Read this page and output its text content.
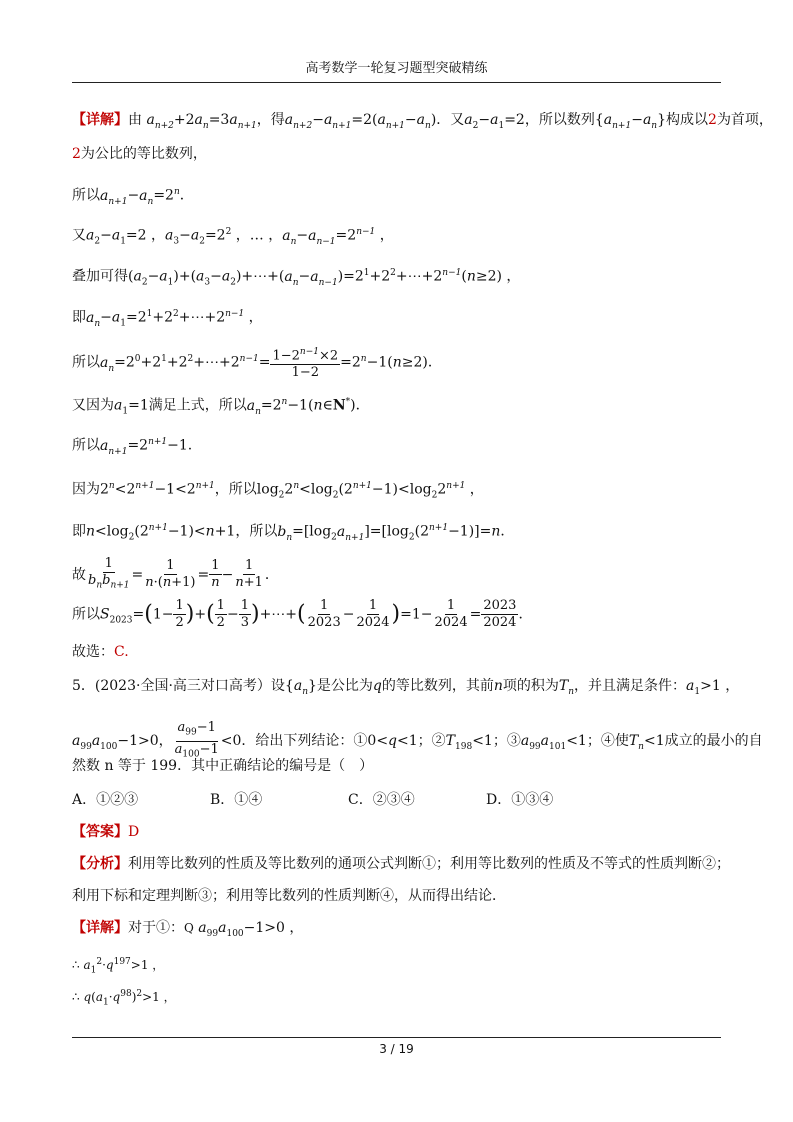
高考数学一轮复习题型突破精练
【详解】由 $a_{n+2}+2a_n=3a_{n+1}$，得$a_{n+2}-a_{n+1}=2(a_{n+1}-a_n)$．又$a_2-a_1=2$，所以数列$\{a_{n+1}-a_n\}$构成以2为首项，
2为公比的等比数列，
所以$a_{n+1}-a_n=2^n$．
又$a_2-a_1=2$ ，$a_3-a_2=2^2$ ，… ，$a_n-a_{n-1}=2^{n-1}$ ，
叠加可得$(a_2-a_1)+(a_3-a_2)+\cdots+(a_n-a_{n-1})=2^1+2^2+\cdots+2^{n-1}(n\ge 2)$ ，
即$a_n-a_1=2^1+2^2+\cdots+2^{n-1}$ ，
所以$a_n=2^0+2^1+2^2+\cdots+2^{n-1}= \frac{1-2^{n-1}\times 2}{1-2} =2^n-1(n\ge 2)$．
又因为$a_1=1$满足上式，所以$a_n=2^n-1(n\in N^*)$．
所以$a_{n+1}=2^{n+1}-1$.
因为$2^n<2^{n+1}-1<2^{n+1}$，所以$\log_22^n<\log_2(2^{n+1}-1)<\log_22^{n+1}$ ，
即$n<\log_2(2^{n+1}-1)<n+1$，所以$b_n=[\log_2a_{n+1}]=[\log_2(2^{n+1}-1)]=n$．
故 $\frac{1}{b_nb_{n+1}} = \frac{1}{n\cdot(n+1)} = \frac{1}{n} - \frac{1}{n+1}$ ．
所以$S_{2023}=(1- \frac{1}{2}$ )+( $\frac{1}{2} - \frac{1}{3}$ )+⋯+( $\frac{1}{2023} - \frac{1}{2024} )=1- \frac{1}{2024} = \frac{2023}{2024}$ ．
故选：C.
5．(2023·全国·高三对口高考）设$\{a_n\}$是公比为q的等比数列，其前n项的积为$T_n$，并且满足条件：$a_1>1$ ，
$a_{99}a_{100}-1>0$， $\frac{a_{99}-1}{a_{100}-1} <0$．给出下列结论：①0<q<1；$②T_{198}<1$；$③a_{99}a_{101}<1$；④使$T_n<1$成立的最小的自
然数 n 等于 199．其中正确结论的编号是（　）
A．①②③	B．①④	C．②③④	D．①③④
【答案】D
【分析】利用等比数列的性质及等比数列的通项公式判断①；利用等比数列的性质及不等式的性质判断②；
利用下标和定理判断③；利用等比数列的性质判断④，从而得出结论．
【详解】对于①：Q $a_{99}a_{100}-1>0$ ，
∴ $a_1^2\cdot q^{197}>1$ ，
∴ $q(a_1\cdot q^{98})^2>1$ ，
3 / 19
